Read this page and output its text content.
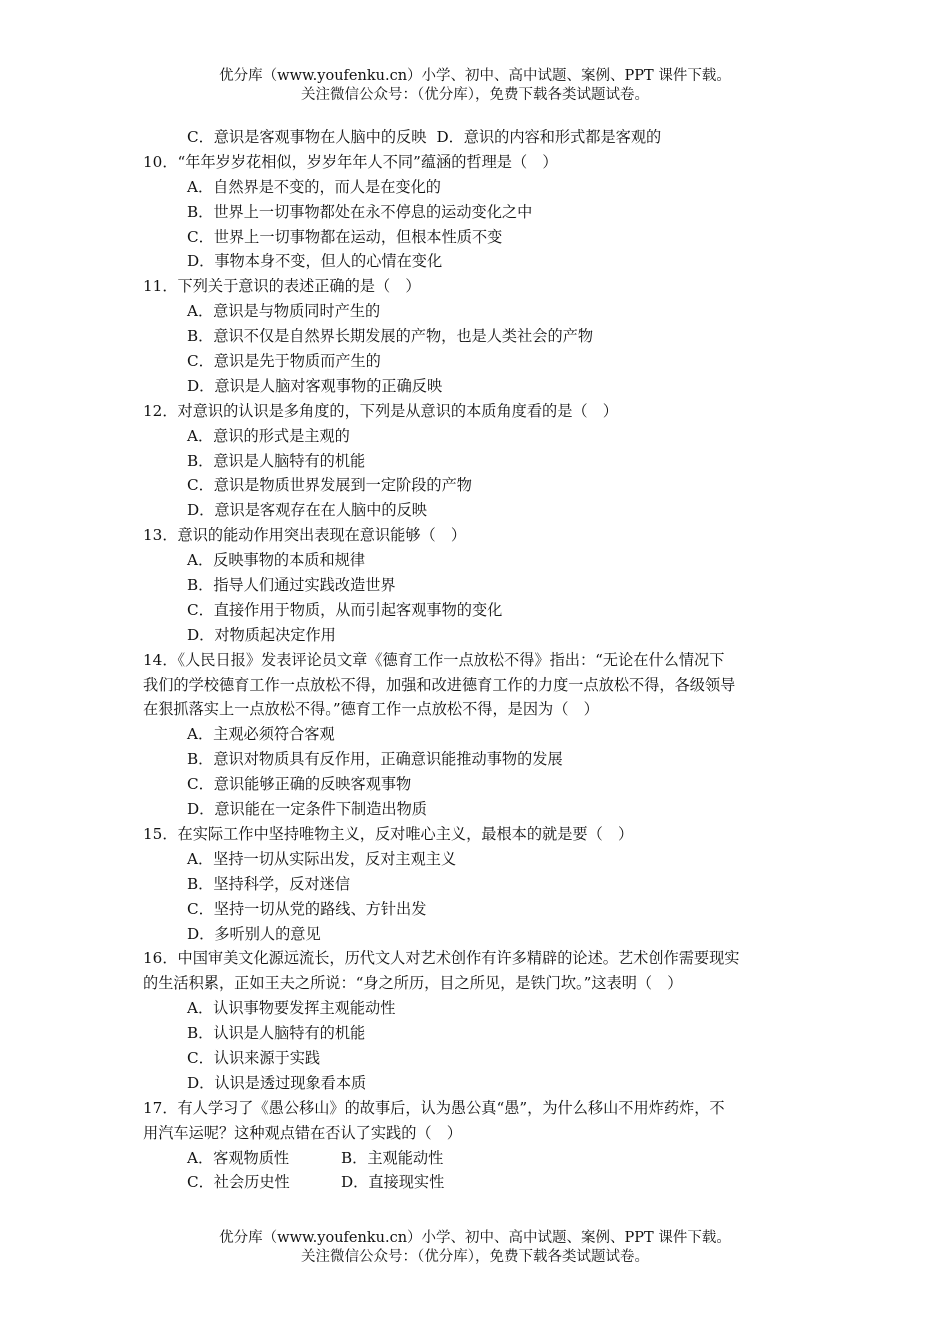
优分库（www.youfenku.cn）小学、初中、高中试题、案例、PPT 课件下载。
关注微信公众号：（优分库），免费下载各类试题试卷。
C．意识是客观事物在人脑中的反映 D．意识的内容和形式都是客观的
10．“年年岁岁花相似，岁岁年年人不同”蕴涵的哲理是（　）
A．自然界是不变的，而人是在变化的
B．世界上一切事物都处在永不停息的运动变化之中
C．世界上一切事物都在运动，但根本性质不变
D．事物本身不变，但人的心情在变化
11．下列关于意识的表述正确的是（　）
A．意识是与物质同时产生的
B．意识不仅是自然界长期发展的产物，也是人类社会的产物
C．意识是先于物质而产生的
D．意识是人脑对客观事物的正确反映
12．对意识的认识是多角度的，下列是从意识的本质角度看的是（　）
A．意识的形式是主观的
B．意识是人脑特有的机能
C．意识是物质世界发展到一定阶段的产物
D．意识是客观存在在人脑中的反映
13．意识的能动作用突出表现在意识能够（　）
A．反映事物的本质和规律
B．指导人们通过实践改造世界
C．直接作用于物质，从而引起客观事物的变化
D．对物质起决定作用
14．《人民日报》发表评论员文章《德育工作一点放松不得》指出：“无论在什么情况下
我们的学校德育工作一点放松不得，加强和改进德育工作的力度一点放松不得，各级领导
在狠抓落实上一点放松不得。”德育工作一点放松不得，是因为（　）
A．主观必须符合客观
B．意识对物质具有反作用，正确意识能推动事物的发展
C．意识能够正确的反映客观事物
D．意识能在一定条件下制造出物质
15．在实际工作中坚持唯物主义，反对唯心主义，最根本的就是要（　）
A．坚持一切从实际出发，反对主观主义
B．坚持科学，反对迷信
C．坚持一切从党的路线、方针出发
D．多听别人的意见
16．中国审美文化源远流长，历代文人对艺术创作有许多精辟的论述。艺术创作需要现实
的生活积累，正如王夫之所说：“身之所历，目之所见，是铁门坎。”这表明（　）
A．认识事物要发挥主观能动性
B．认识是人脑特有的机能
C．认识来源于实践
D．认识是透过现象看本质
17．有人学习了《愚公移山》的故事后，认为愚公真“愚”，为什么移山不用炸药炸，不
用汽车运呢？这种观点错在否认了实践的（　）
A．客观物质性	B．主观能动性
C．社会历史性	D．直接现实性
优分库（www.youfenku.cn）小学、初中、高中试题、案例、PPT 课件下载。
关注微信公众号：（优分库），免费下载各类试题试卷。
